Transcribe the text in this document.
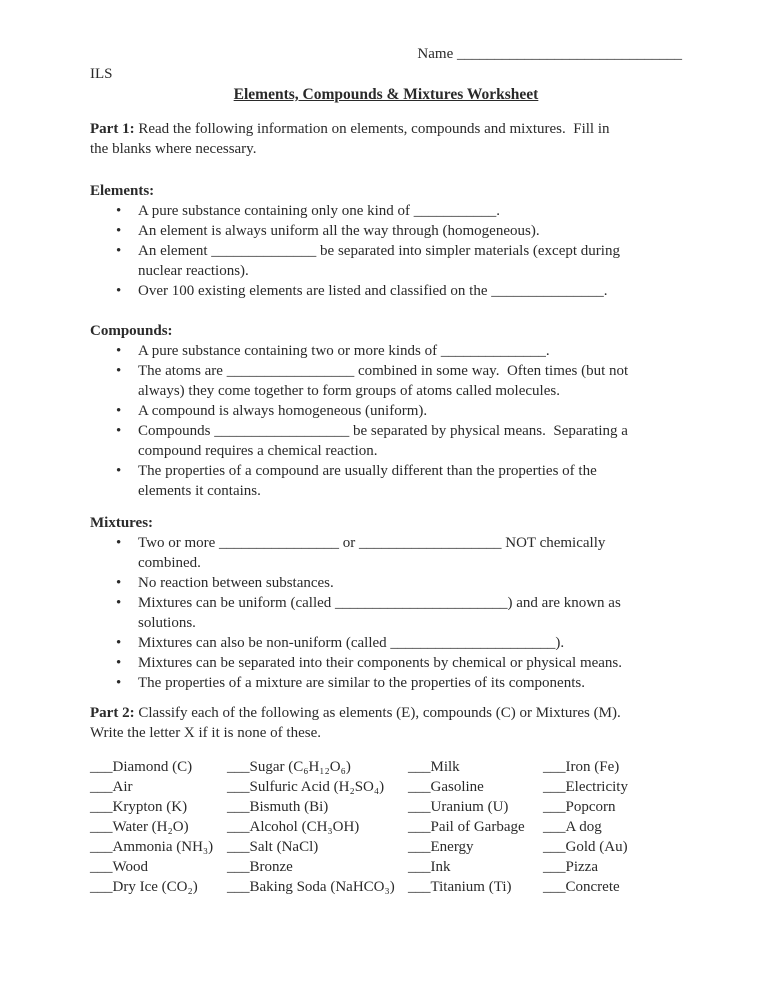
Name ______________________________
ILS
Elements, Compounds & Mixtures Worksheet

Part 1: Read the following information on elements, compounds and mixtures.  Fill in
the blanks where necessary.

Elements:
• A pure substance containing only one kind of ___________.
• An element is always uniform all the way through (homogeneous).
• An element ______________ be separated into simpler materials (except during
nuclear reactions).
• Over 100 existing elements are listed and classified on the _______________.
Compounds:
• A pure substance containing two or more kinds of ______________.
• The atoms are _________________ combined in some way.  Often times (but not
always) they come together to form groups of atoms called molecules.
• A compound is always homogeneous (uniform).
• Compounds __________________ be separated by physical means.  Separating a
compound requires a chemical reaction.
• The properties of a compound are usually different than the properties of the
elements it contains.
Mixtures:
• Two or more ________________ or ___________________ NOT chemically
combined.
• No reaction between substances.
• Mixtures can be uniform (called _______________________) and are known as
solutions.
• Mixtures can also be non-uniform (called ______________________).
• Mixtures can be separated into their components by chemical or physical means.
• The properties of a mixture are similar to the properties of its components.

Part 2: Classify each of the following as elements (E), compounds (C) or Mixtures (M).
Write the letter X if it is none of these.

___Diamond (C)
___Air
___Krypton (K)
___Water (H₂O)
___Ammonia (NH₃)
___Wood
___Dry Ice (CO₂)
___Sugar (C₆H₁₂O₆)
___Sulfuric Acid (H₂SO₄)
___Bismuth (Bi)
___Alcohol (CH₃OH)
___Salt (NaCl)
___Bronze
___Baking Soda (NaHCO₃)
___Milk
___Gasoline
___Uranium (U)
___Pail of Garbage
___Energy
___Ink
___Titanium (Ti)
___Iron (Fe)
___Electricity
___Popcorn
___A dog
___Gold (Au)
___Pizza
___Concrete
